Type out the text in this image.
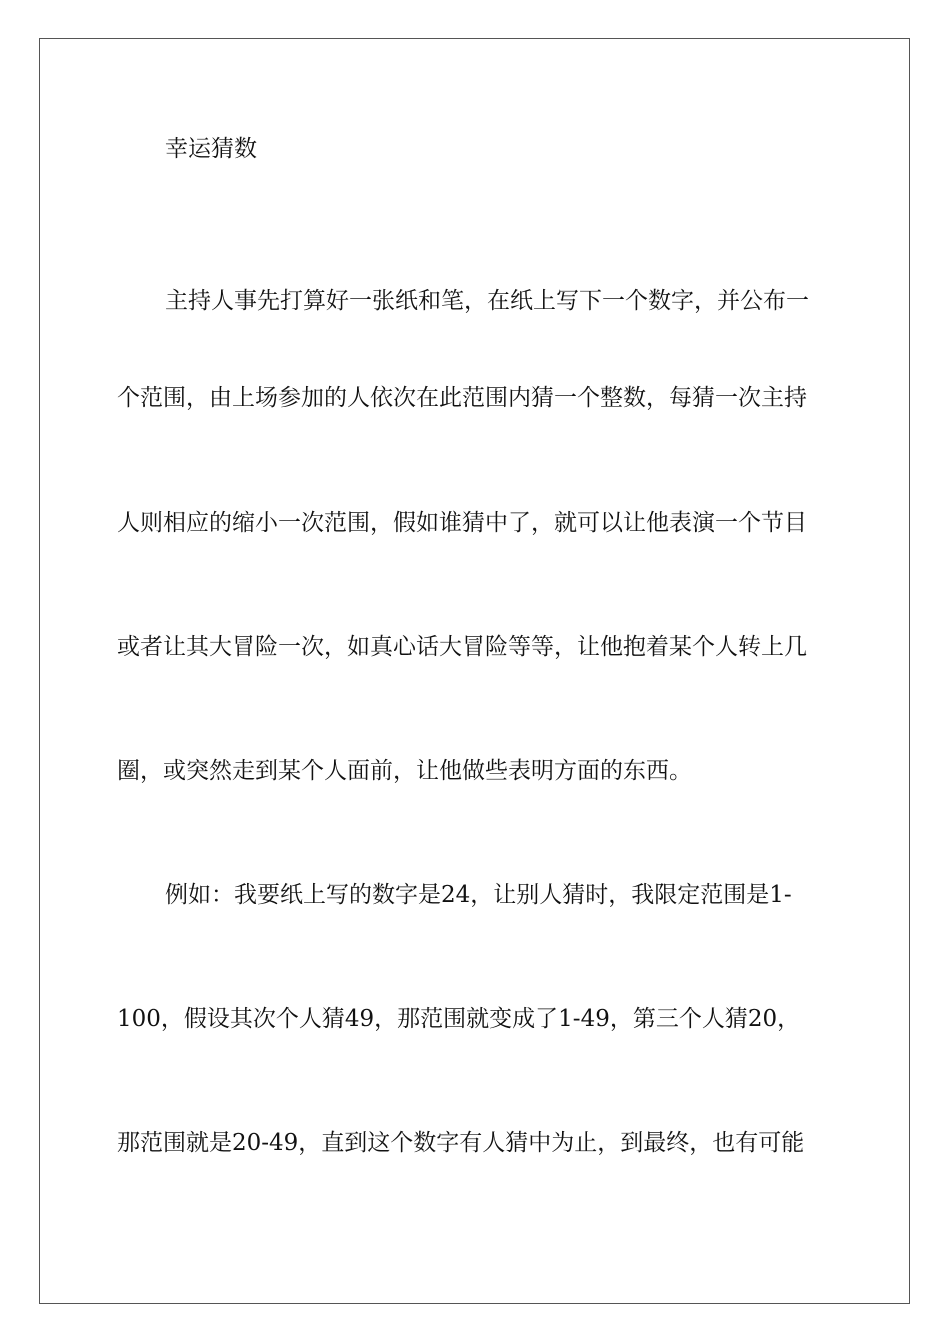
幸运猜数

主持人事先打算好一张纸和笔，在纸上写下一个数字，并公布一

个范围，由上场参加的人依次在此范围内猜一个整数，每猜一次主持

人则相应的缩小一次范围，假如谁猜中了，就可以让他表演一个节目

或者让其大冒险一次，如真心话大冒险等等，让他抱着某个人转上几

圈，或突然走到某个人面前，让他做些表明方面的东西。

例如：我要纸上写的数字是24，让别人猜时，我限定范围是1-

100，假设其次个人猜49，那范围就变成了1-49，第三个人猜20，

那范围就是20-49，直到这个数字有人猜中为止，到最终，也有可能
